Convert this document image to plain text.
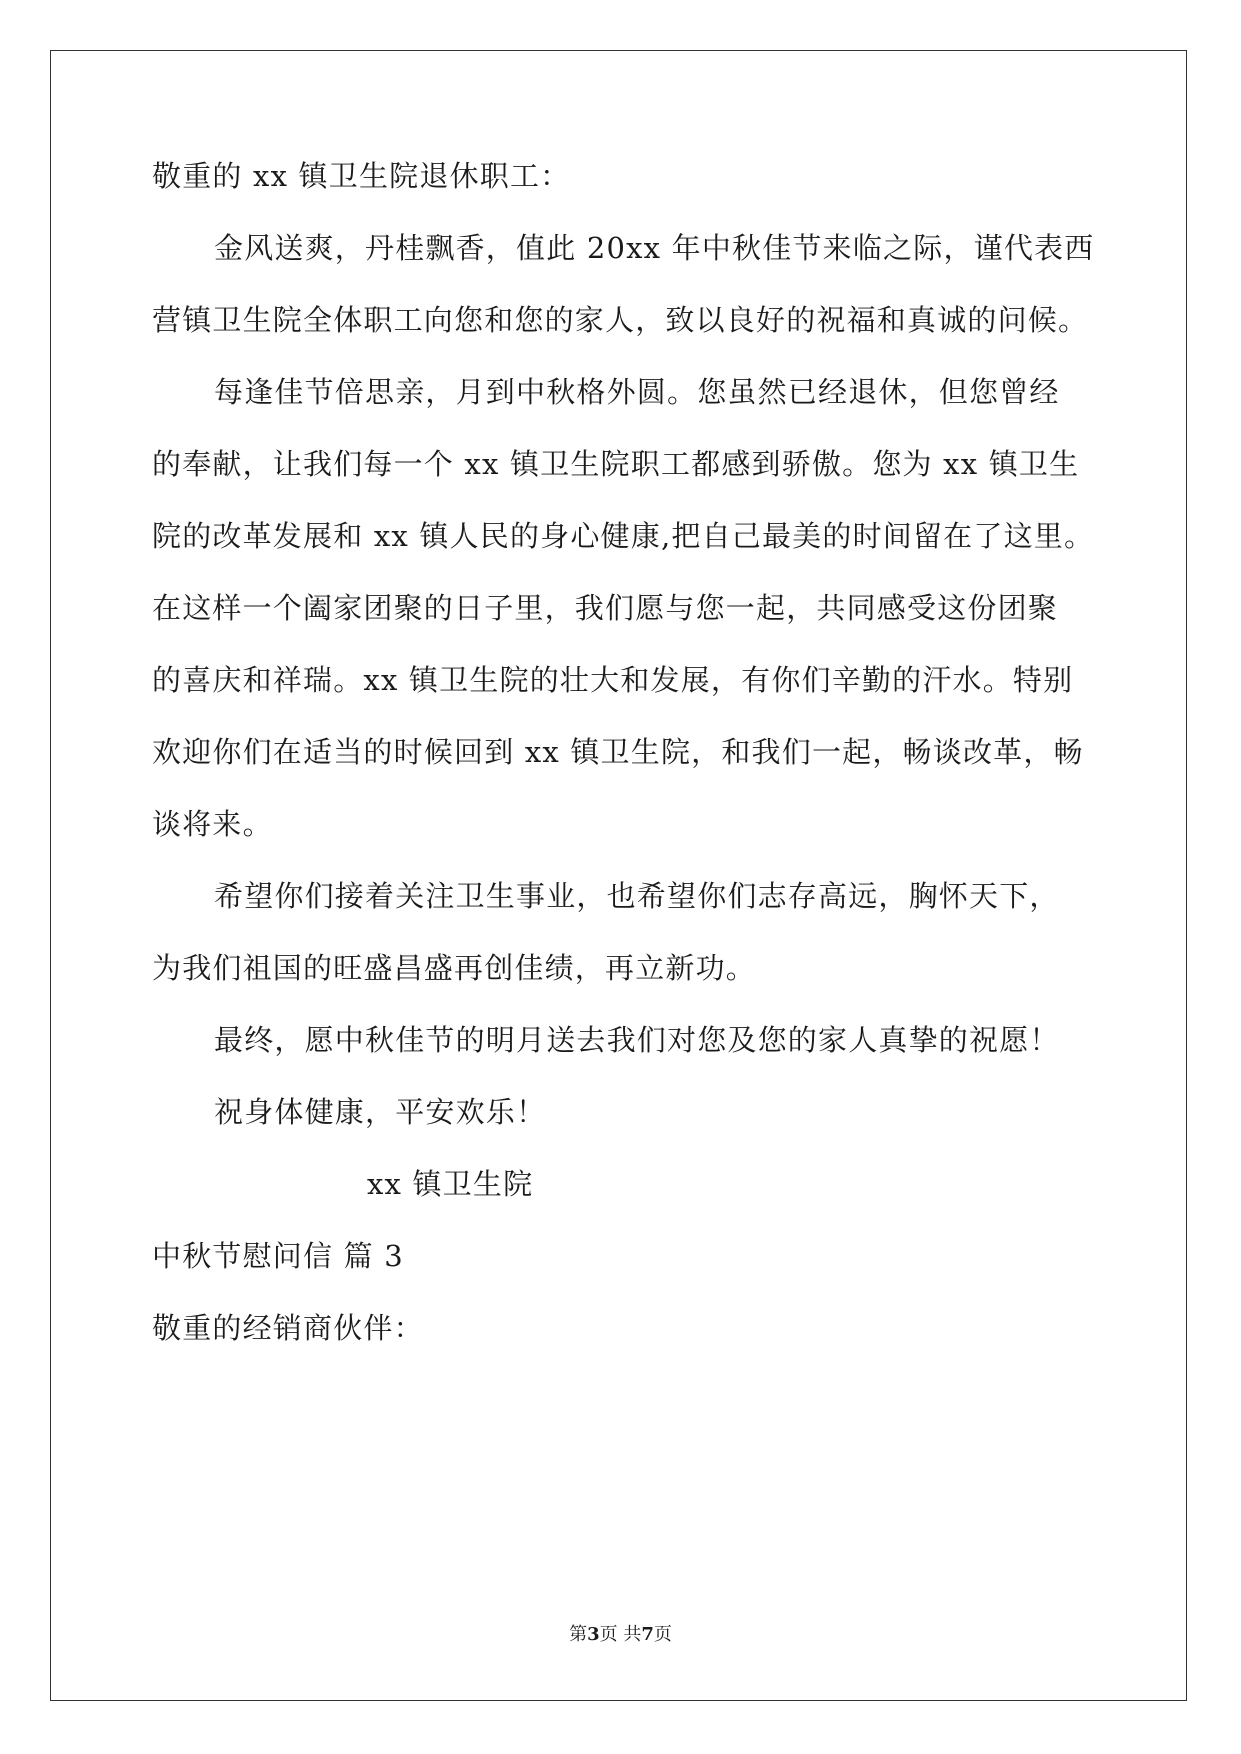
敬重的 xx 镇卫生院退休职工：
金风送爽，丹桂飘香，值此 20xx 年中秋佳节来临之际，谨代表西
营镇卫生院全体职工向您和您的家人，致以良好的祝福和真诚的问候。
每逢佳节倍思亲，月到中秋格外圆。您虽然已经退休，但您曾经
的奉献，让我们每一个 xx 镇卫生院职工都感到骄傲。您为 xx 镇卫生
院的改革发展和 xx 镇人民的身心健康,把自己最美的时间留在了这里。
在这样一个阖家团聚的日子里，我们愿与您一起，共同感受这份团聚
的喜庆和祥瑞。xx 镇卫生院的壮大和发展，有你们辛勤的汗水。特别
欢迎你们在适当的时候回到 xx 镇卫生院，和我们一起，畅谈改革，畅
谈将来。
希望你们接着关注卫生事业，也希望你们志存高远，胸怀天下，
为我们祖国的旺盛昌盛再创佳绩，再立新功。
最终，愿中秋佳节的明月送去我们对您及您的家人真挚的祝愿！
祝身体健康，平安欢乐！
xx 镇卫生院
中秋节慰问信 篇 3
敬重的经销商伙伴：
第3页 共7页
